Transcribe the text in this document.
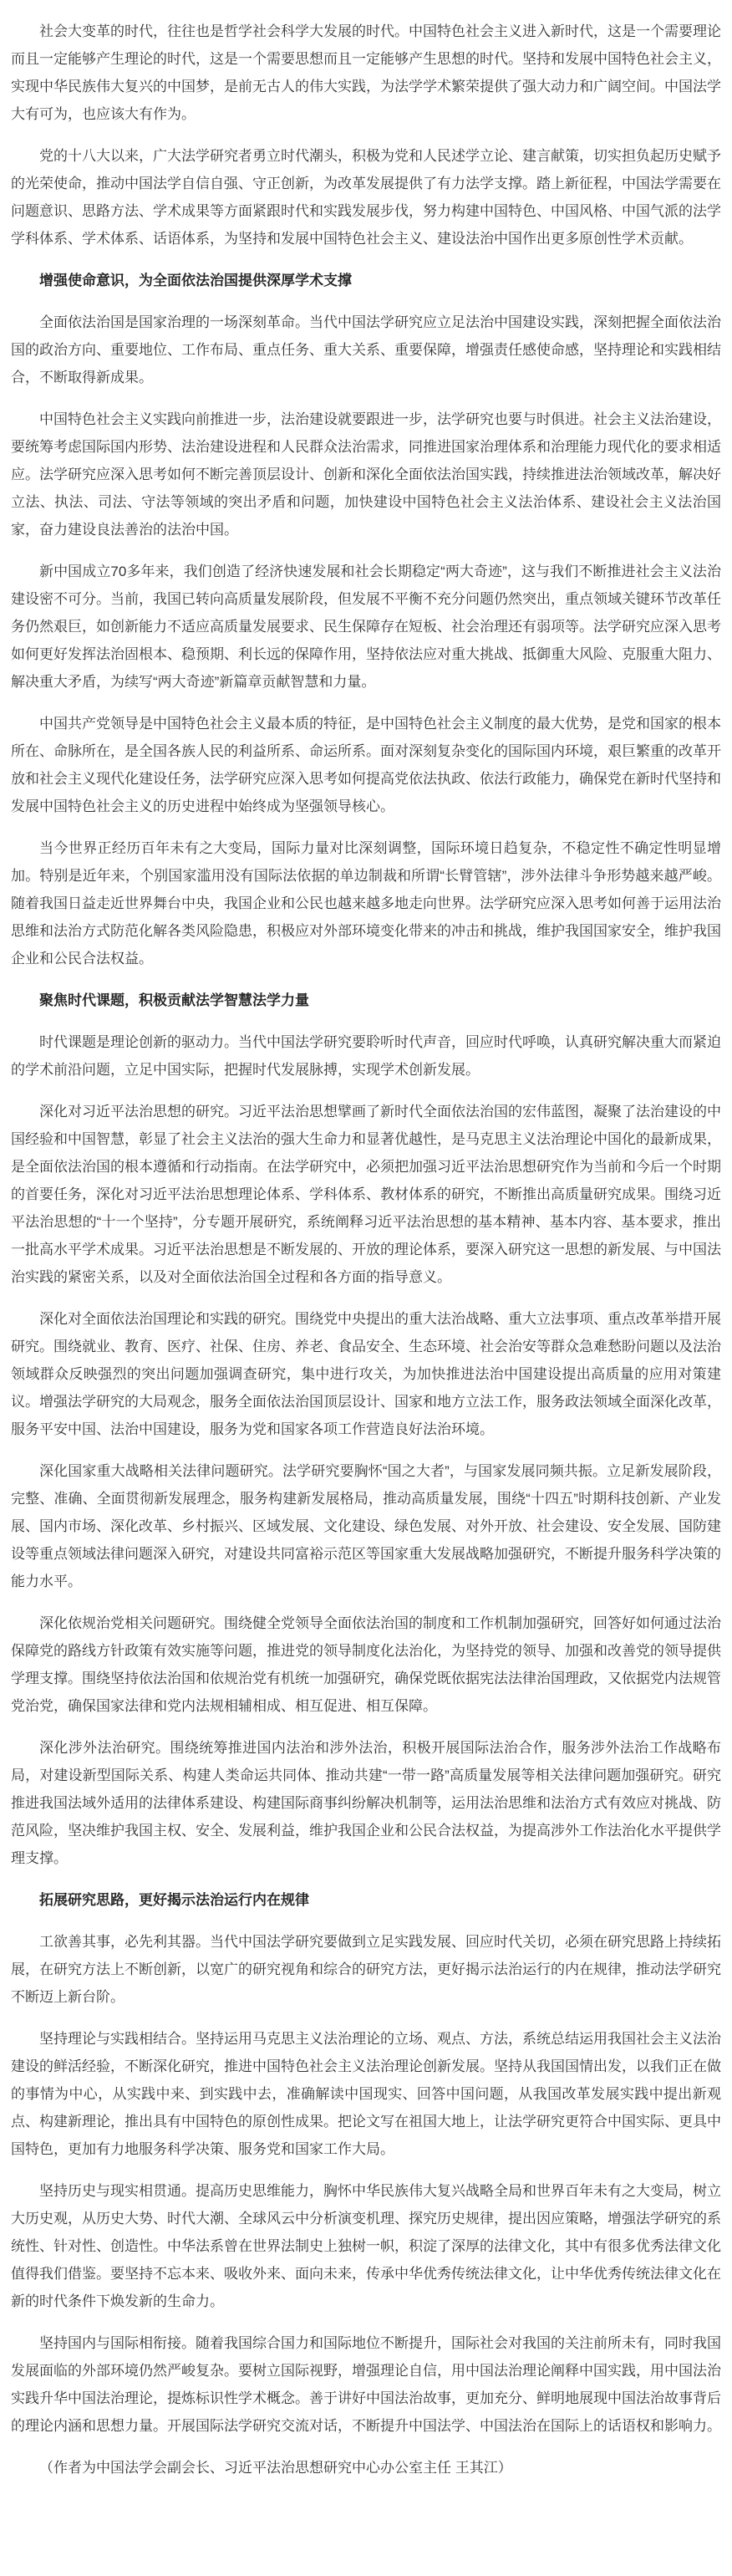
社会大变革的时代，往往也是哲学社会科学大发展的时代。中国特色社会主义进入新时代，这是一个需要理论而且一定能够产生理论的时代，这是一个需要思想而且一定能够产生思想的时代。坚持和发展中国特色社会主义，实现中华民族伟大复兴的中国梦，是前无古人的伟大实践，为法学学术繁荣提供了强大动力和广阔空间。中国法学大有可为，也应该大有作为。

党的十八大以来，广大法学研究者勇立时代潮头，积极为党和人民述学立论、建言献策，切实担负起历史赋予的光荣使命，推动中国法学自信自强、守正创新，为改革发展提供了有力法学支撑。踏上新征程，中国法学需要在问题意识、思路方法、学术成果等方面紧跟时代和实践发展步伐，努力构建中国特色、中国风格、中国气派的法学学科体系、学术体系、话语体系，为坚持和发展中国特色社会主义、建设法治中国作出更多原创性学术贡献。

增强使命意识，为全面依法治国提供深厚学术支撑

全面依法治国是国家治理的一场深刻革命。当代中国法学研究应立足法治中国建设实践，深刻把握全面依法治国的政治方向、重要地位、工作布局、重点任务、重大关系、重要保障，增强责任感使命感，坚持理论和实践相结合，不断取得新成果。

中国特色社会主义实践向前推进一步，法治建设就要跟进一步，法学研究也要与时俱进。社会主义法治建设，要统筹考虑国际国内形势、法治建设进程和人民群众法治需求，同推进国家治理体系和治理能力现代化的要求相适应。法学研究应深入思考如何不断完善顶层设计、创新和深化全面依法治国实践，持续推进法治领域改革，解决好立法、执法、司法、守法等领域的突出矛盾和问题，加快建设中国特色社会主义法治体系、建设社会主义法治国家，奋力建设良法善治的法治中国。

新中国成立70多年来，我们创造了经济快速发展和社会长期稳定“两大奇迹”，这与我们不断推进社会主义法治建设密不可分。当前，我国已转向高质量发展阶段，但发展不平衡不充分问题仍然突出，重点领域关键环节改革任务仍然艰巨，如创新能力不适应高质量发展要求、民生保障存在短板、社会治理还有弱项等。法学研究应深入思考如何更好发挥法治固根本、稳预期、利长远的保障作用，坚持依法应对重大挑战、抵御重大风险、克服重大阻力、解决重大矛盾，为续写“两大奇迹”新篇章贡献智慧和力量。

中国共产党领导是中国特色社会主义最本质的特征，是中国特色社会主义制度的最大优势，是党和国家的根本所在、命脉所在，是全国各族人民的利益所系、命运所系。面对深刻复杂变化的国际国内环境，艰巨繁重的改革开放和社会主义现代化建设任务，法学研究应深入思考如何提高党依法执政、依法行政能力，确保党在新时代坚持和发展中国特色社会主义的历史进程中始终成为坚强领导核心。

当今世界正经历百年未有之大变局，国际力量对比深刻调整，国际环境日趋复杂，不稳定性不确定性明显增加。特别是近年来，个别国家滥用没有国际法依据的单边制裁和所谓“长臂管辖”，涉外法律斗争形势越来越严峻。随着我国日益走近世界舞台中央，我国企业和公民也越来越多地走向世界。法学研究应深入思考如何善于运用法治思维和法治方式防范化解各类风险隐患，积极应对外部环境变化带来的冲击和挑战，维护我国国家安全，维护我国企业和公民合法权益。

聚焦时代课题，积极贡献法学智慧法学力量

时代课题是理论创新的驱动力。当代中国法学研究要聆听时代声音，回应时代呼唤，认真研究解决重大而紧迫的学术前沿问题，立足中国实际，把握时代发展脉搏，实现学术创新发展。

深化对习近平法治思想的研究。习近平法治思想擘画了新时代全面依法治国的宏伟蓝图，凝聚了法治建设的中国经验和中国智慧，彰显了社会主义法治的强大生命力和显著优越性，是马克思主义法治理论中国化的最新成果，是全面依法治国的根本遵循和行动指南。在法学研究中，必须把加强习近平法治思想研究作为当前和今后一个时期的首要任务，深化对习近平法治思想理论体系、学科体系、教材体系的研究，不断推出高质量研究成果。围绕习近平法治思想的“十一个坚持”，分专题开展研究，系统阐释习近平法治思想的基本精神、基本内容、基本要求，推出一批高水平学术成果。习近平法治思想是不断发展的、开放的理论体系，要深入研究这一思想的新发展、与中国法治实践的紧密关系，以及对全面依法治国全过程和各方面的指导意义。

深化对全面依法治国理论和实践的研究。围绕党中央提出的重大法治战略、重大立法事项、重点改革举措开展研究。围绕就业、教育、医疗、社保、住房、养老、食品安全、生态环境、社会治安等群众急难愁盼问题以及法治领域群众反映强烈的突出问题加强调查研究，集中进行攻关，为加快推进法治中国建设提出高质量的应用对策建议。增强法学研究的大局观念，服务全面依法治国顶层设计、国家和地方立法工作，服务政法领域全面深化改革，服务平安中国、法治中国建设，服务为党和国家各项工作营造良好法治环境。

深化国家重大战略相关法律问题研究。法学研究要胸怀“国之大者”，与国家发展同频共振。立足新发展阶段，完整、准确、全面贯彻新发展理念，服务构建新发展格局，推动高质量发展，围绕“十四五”时期科技创新、产业发展、国内市场、深化改革、乡村振兴、区域发展、文化建设、绿色发展、对外开放、社会建设、安全发展、国防建设等重点领域法律问题深入研究，对建设共同富裕示范区等国家重大发展战略加强研究，不断提升服务科学决策的能力水平。

深化依规治党相关问题研究。围绕健全党领导全面依法治国的制度和工作机制加强研究，回答好如何通过法治保障党的路线方针政策有效实施等问题，推进党的领导制度化法治化，为坚持党的领导、加强和改善党的领导提供学理支撑。围绕坚持依法治国和依规治党有机统一加强研究，确保党既依据宪法法律治国理政，又依据党内法规管党治党，确保国家法律和党内法规相辅相成、相互促进、相互保障。

深化涉外法治研究。围绕统筹推进国内法治和涉外法治，积极开展国际法治合作，服务涉外法治工作战略布局，对建设新型国际关系、构建人类命运共同体、推动共建“一带一路”高质量发展等相关法律问题加强研究。研究推进我国法域外适用的法律体系建设、构建国际商事纠纷解决机制等，运用法治思维和法治方式有效应对挑战、防范风险，坚决维护我国主权、安全、发展利益，维护我国企业和公民合法权益，为提高涉外工作法治化水平提供学理支撑。

拓展研究思路，更好揭示法治运行内在规律

工欲善其事，必先利其器。当代中国法学研究要做到立足实践发展、回应时代关切，必须在研究思路上持续拓展，在研究方法上不断创新，以宽广的研究视角和综合的研究方法，更好揭示法治运行的内在规律，推动法学研究不断迈上新台阶。

坚持理论与实践相结合。坚持运用马克思主义法治理论的立场、观点、方法，系统总结运用我国社会主义法治建设的鲜活经验，不断深化研究，推进中国特色社会主义法治理论创新发展。坚持从我国国情出发，以我们正在做的事情为中心，从实践中来、到实践中去，准确解读中国现实、回答中国问题，从我国改革发展实践中提出新观点、构建新理论，推出具有中国特色的原创性成果。把论文写在祖国大地上，让法学研究更符合中国实际、更具中国特色，更加有力地服务科学决策、服务党和国家工作大局。

坚持历史与现实相贯通。提高历史思维能力，胸怀中华民族伟大复兴战略全局和世界百年未有之大变局，树立大历史观，从历史大势、时代大潮、全球风云中分析演变机理、探究历史规律，提出因应策略，增强法学研究的系统性、针对性、创造性。中华法系曾在世界法制史上独树一帜，积淀了深厚的法律文化，其中有很多优秀法律文化值得我们借鉴。要坚持不忘本来、吸收外来、面向未来，传承中华优秀传统法律文化，让中华优秀传统法律文化在新的时代条件下焕发新的生命力。

坚持国内与国际相衔接。随着我国综合国力和国际地位不断提升，国际社会对我国的关注前所未有，同时我国发展面临的外部环境仍然严峻复杂。要树立国际视野，增强理论自信，用中国法治理论阐释中国实践，用中国法治实践升华中国法治理论，提炼标识性学术概念。善于讲好中国法治故事，更加充分、鲜明地展现中国法治故事背后的理论内涵和思想力量。开展国际法学研究交流对话，不断提升中国法学、中国法治在国际上的话语权和影响力。

（作者为中国法学会副会长、习近平法治思想研究中心办公室主任 王其江）
